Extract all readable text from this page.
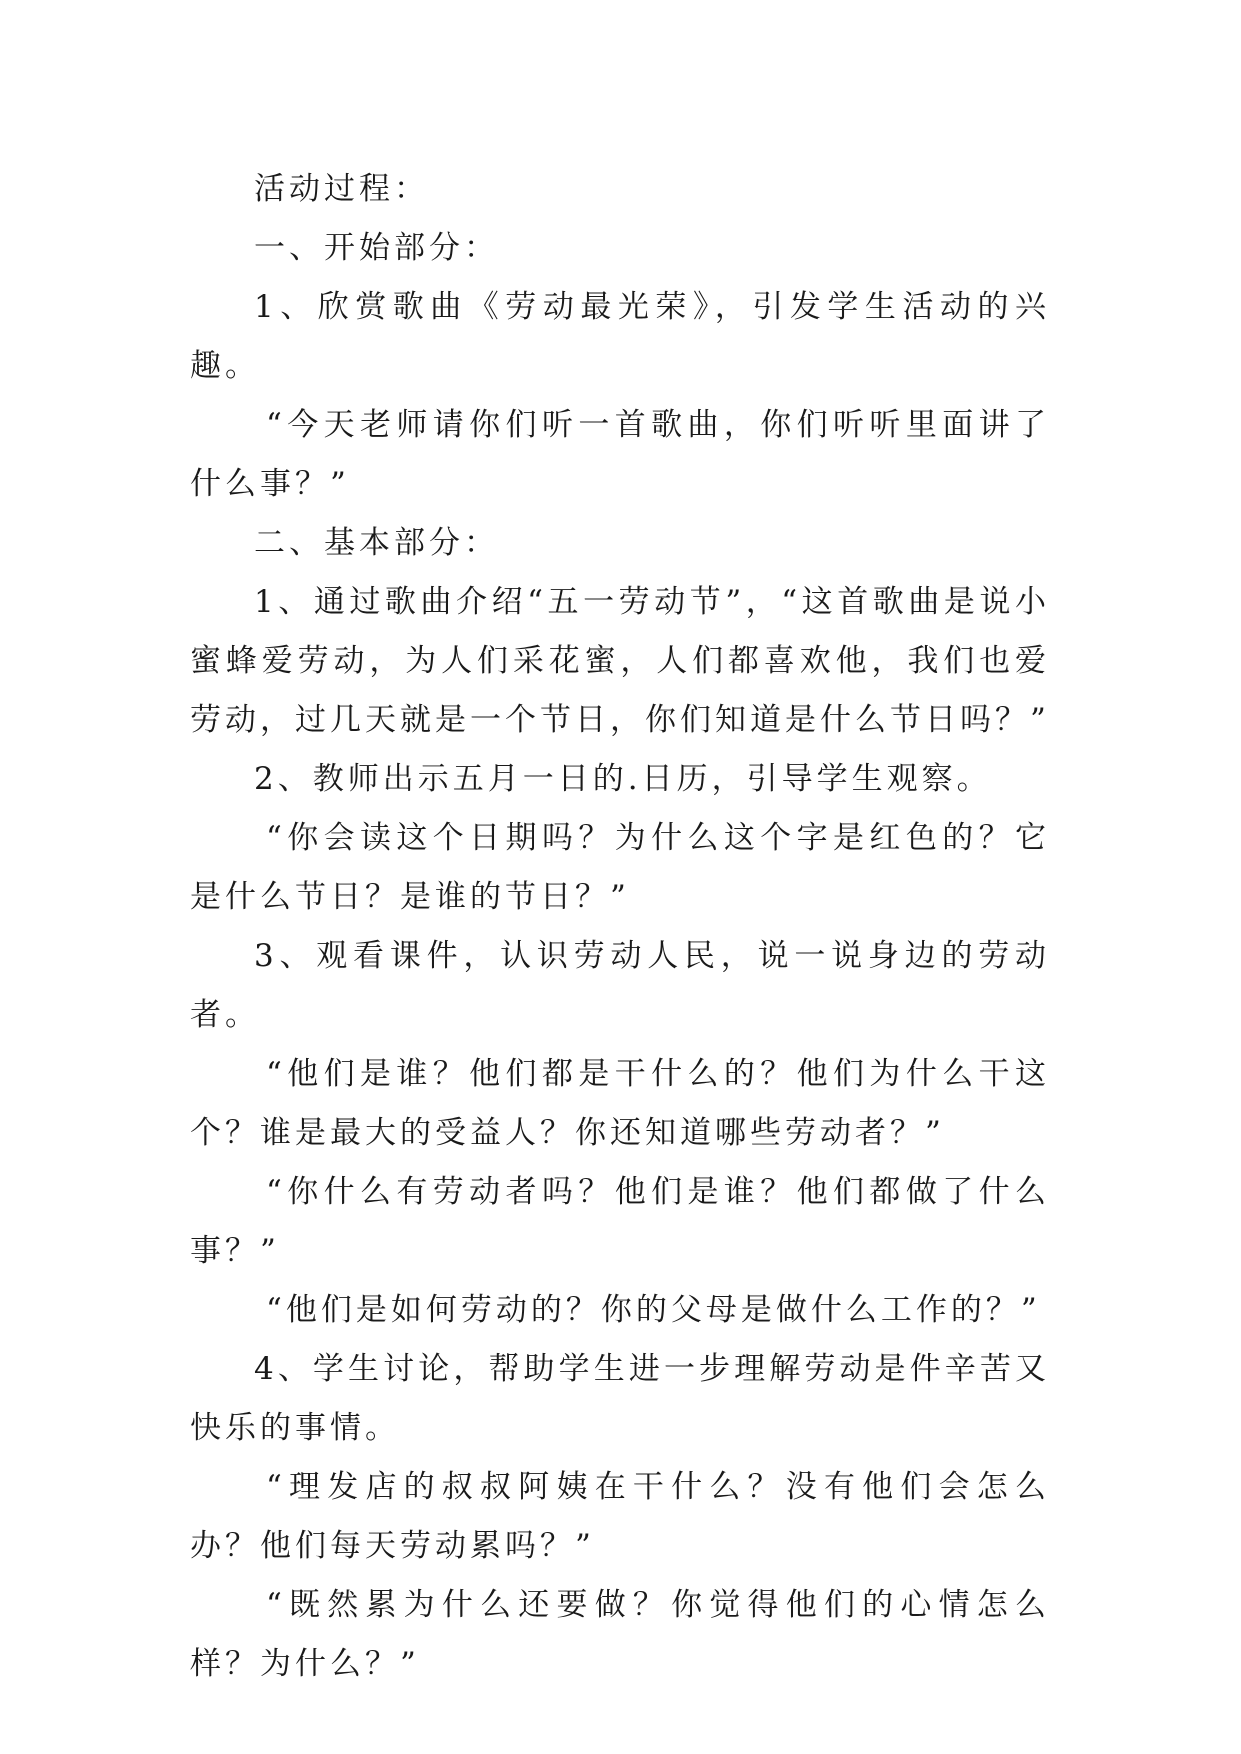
活动过程：

一、开始部分：

1、欣赏歌曲《劳动最光荣》，引发学生活动的兴趣。

“今天老师请你们听一首歌曲，你们听听里面讲了什么事？”

二、基本部分：

1、通过歌曲介绍“五一劳动节”，“这首歌曲是说小蜜蜂爱劳动，为人们采花蜜，人们都喜欢他，我们也爱劳动，过几天就是一个节日，你们知道是什么节日吗？”

2、教师出示五月一日的.日历，引导学生观察。

“你会读这个日期吗？为什么这个字是红色的？它是什么节日？是谁的节日？”

3、观看课件，认识劳动人民，说一说身边的劳动者。

“他们是谁？他们都是干什么的？他们为什么干这个？谁是最大的受益人？你还知道哪些劳动者？”

“你什么有劳动者吗？他们是谁？他们都做了什么事？”

“他们是如何劳动的？你的父母是做什么工作的？”

4、学生讨论，帮助学生进一步理解劳动是件辛苦又快乐的事情。

“理发店的叔叔阿姨在干什么？没有他们会怎么办？他们每天劳动累吗？”

“既然累为什么还要做？你觉得他们的心情怎么样？为什么？”
